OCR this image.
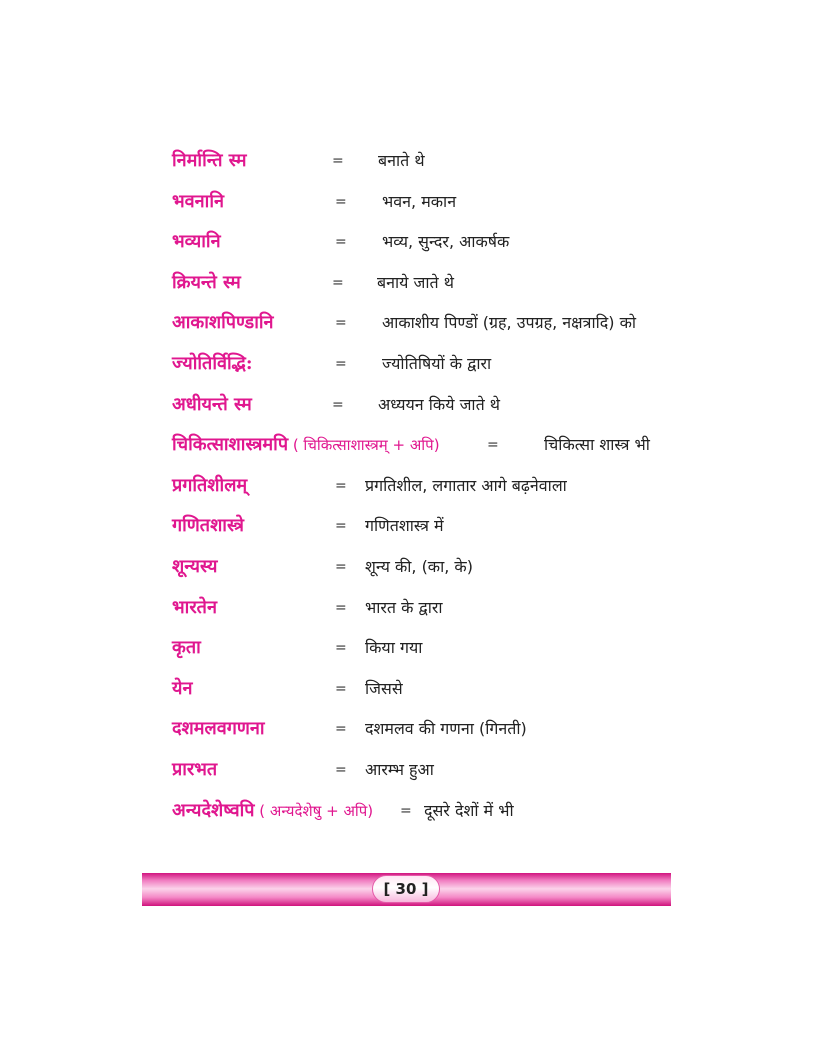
निर्मान्ति स्म	= बनाते थे
भवनानि	= भवन, मकान
भव्यानि	= भव्य, सुन्दर, आकर्षक
क्रियन्ते स्म	= बनाये जाते थे
आकाशपिण्डानि	= आकाशीय पिण्डों (ग्रह, उपग्रह, नक्षत्रादि) को
ज्योतिर्विद्भि:	= ज्योतिषियों के द्वारा
अधीयन्ते स्म	= अध्ययन किये जाते थे
चिकित्साशास्त्रमपि ( चिकित्साशास्त्रम् + अपि)	=	चिकित्सा शास्त्र भी
प्रगतिशीलम्	= प्रगतिशील, लगातार आगे बढ़नेवाला
गणितशास्त्रे	= गणितशास्त्र में
शून्यस्य	= शून्य की, (का, के)
भारतेन	= भारत के द्वारा
कृता	= किया गया
येन	= जिससे
दशमलवगणना	= दशमलव की गणना (गिनती)
प्रारभत	= आरम्भ हुआ
अन्यदेशेष्वपि ( अन्यदेशेषु + अपि) = दूसरे देशों में भी
[ 30 ]
